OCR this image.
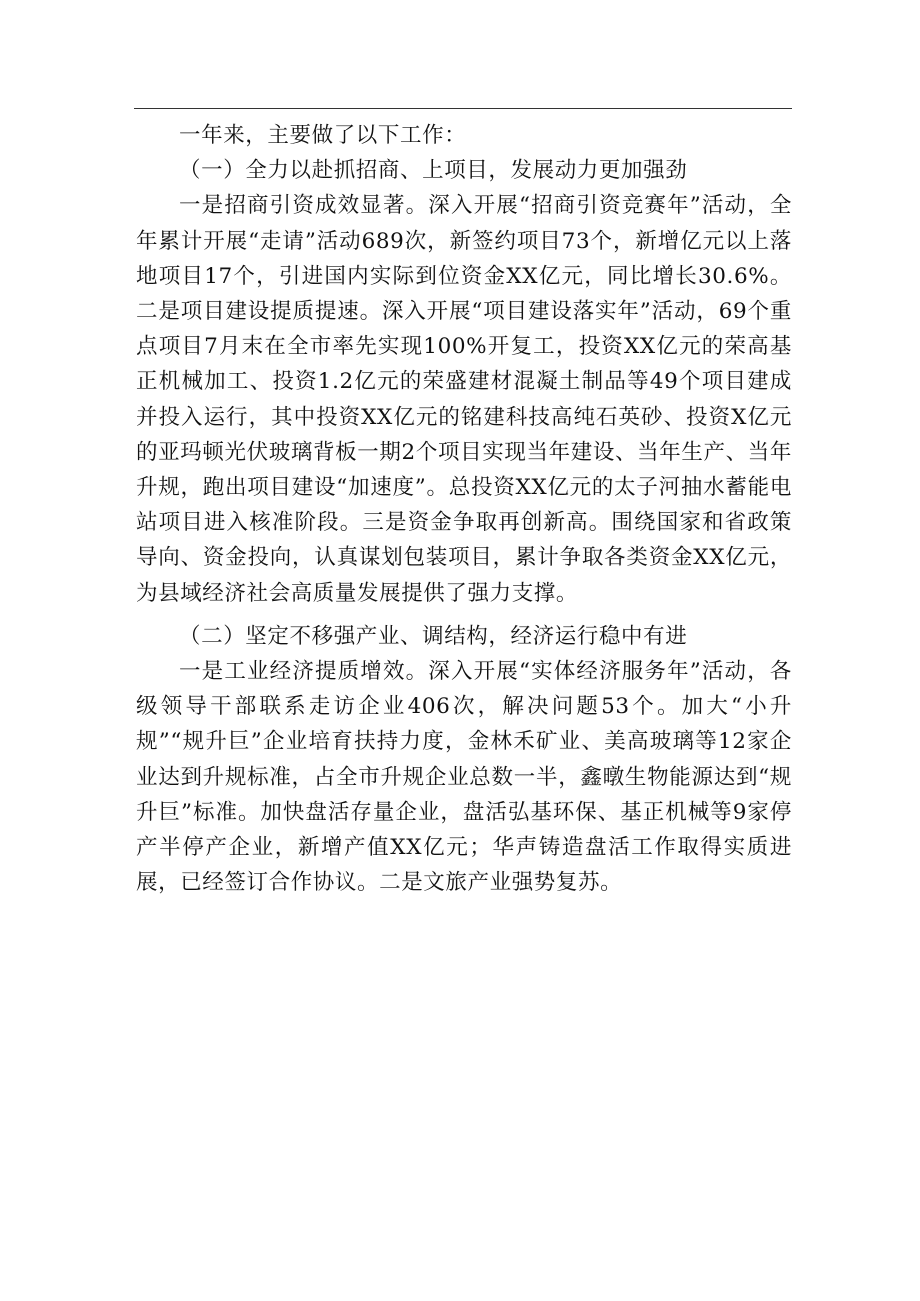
一年来，主要做了以下工作：

（一）全力以赴抓招商、上项目，发展动力更加强劲

一是招商引资成效显著。深入开展“招商引资竞赛年”活动，全年累计开展“走请”活动689次，新签约项目73个，新增亿元以上落地项目17个，引进国内实际到位资金XX亿元，同比增长30.6%。二是项目建设提质提速。深入开展“项目建设落实年”活动，69个重点项目7月末在全市率先实现100%开复工，投资XX亿元的荣高基正机械加工、投资1.2亿元的荣盛建材混凝土制品等49个项目建成并投入运行，其中投资XX亿元的铭建科技高纯石英砂、投资X亿元的亚玛顿光伏玻璃背板一期2个项目实现当年建设、当年生产、当年升规，跑出项目建设“加速度”。总投资XX亿元的太子河抽水蓄能电站项目进入核准阶段。三是资金争取再创新高。围绕国家和省政策导向、资金投向，认真谋划包装项目，累计争取各类资金XX亿元，为县域经济社会高质量发展提供了强力支撑。

（二）坚定不移强产业、调结构，经济运行稳中有进

一是工业经济提质增效。深入开展“实体经济服务年”活动，各级领导干部联系走访企业406次，解决问题53个。加大“小升规”“规升巨”企业培育扶持力度，金林禾矿业、美高玻璃等12家企业达到升规标准，占全市升规企业总数一半，鑫暾生物能源达到“规升巨”标准。加快盘活存量企业，盘活弘基环保、基正机械等9家停产半停产企业，新增产值XX亿元；华声铸造盘活工作取得实质进展，已经签订合作协议。二是文旅产业强势复苏。
